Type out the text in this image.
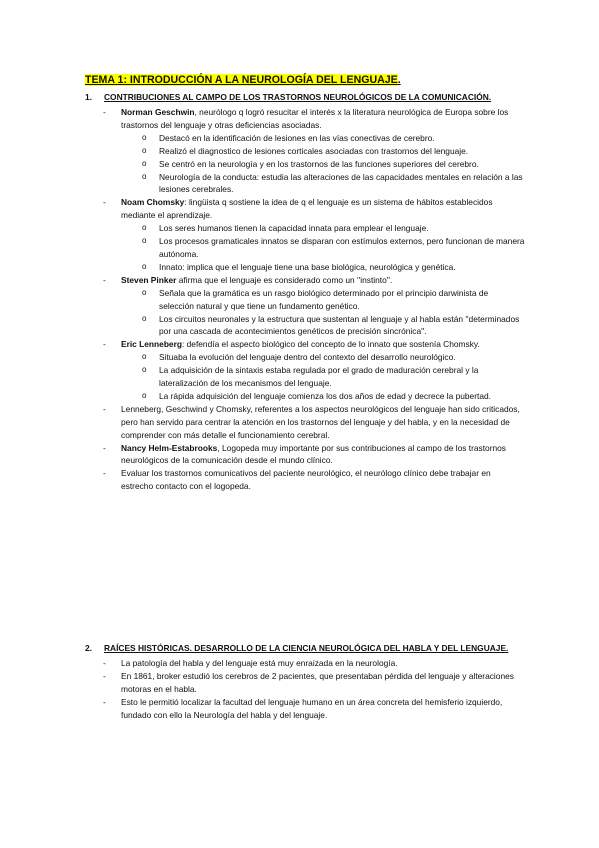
TEMA 1: INTRODUCCIÓN A LA NEUROLOGÍA DEL LENGUAJE.
1.	CONTRIBUCIONES AL CAMPO DE LOS TRASTORNOS NEUROLÓGICOS DE LA COMUNICACIÓN.
-	Norman Geschwin, neurólogo q logró resucitar el interés x la literatura neurológica de Europa sobre los trastornos del lenguaje y otras deficiencias asociadas.
o	Destacó en la identificación de lesiones en las vías conectivas de cerebro.
o	Realizó el diagnostico de lesiones corticales asociadas con trastornos del lenguaje.
o	Se centró en la neurología y en los trastornos de las funciones superiores del cerebro.
o	Neurología de la conducta: estudia las alteraciones de las capacidades mentales en relación a las lesiones cerebrales.
-	Noam Chomsky: lingüista q sostiene la idea de q el lenguaje es un sistema de hábitos establecidos mediante el aprendizaje.
o	Los seres humanos tienen la capacidad innata para emplear el lenguaje.
o	Los procesos gramaticales innatos se disparan con estímulos externos, pero funcionan de manera autónoma.
o	Innato: implica que el lenguaje tiene una base biológica, neurológica y genética.
-	Steven Pinker afirma que el lenguaje es considerado como un ''instinto''.
o	Señala que la gramática es un rasgo biológico determinado por el principio darwinista de selección natural y que tiene un fundamento genético.
o	Los circuitos neuronales y la estructura que sustentan al lenguaje y al habla están ''determinados por una cascada de acontecimientos genéticos de precisión sincrónica''.
-	Eric Lenneberg: defendía el aspecto biológico del concepto de lo innato que sostenía Chomsky.
o	Situaba la evolución del lenguaje dentro del contexto del desarrollo neurológico.
o	La adquisición de la sintaxis estaba regulada por el grado de maduración cerebral y la lateralización de los mecanismos del lenguaje.
o	La rápida adquisición del lenguaje comienza los dos años de edad y decrece la pubertad.
-	Lenneberg, Geschwind y Chomsky, referentes a los aspectos neurológicos del lenguaje han sido criticados, pero han servido para centrar la atención en los trastornos del lenguaje y del habla, y en la necesidad de comprender con más detalle el funcionamiento cerebral.
-	Nancy Helm-Estabrooks, Logopeda muy importante por sus contribuciones al campo de los trastornos neurológicos de la comunicación desde el mundo clínico.
-	Evaluar los trastornos comunicativos del paciente neurológico, el neurólogo clínico debe trabajar en estrecho contacto con el logopeda.
2.	RAÍCES HISTÓRICAS. DESARROLLO DE LA CIENCIA NEUROLÓGICA DEL HABLA Y DEL LENGUAJE.
-	La patología del habla y del lenguaje está muy enraizada en la neurología.
-	En 1861, broker estudió los cerebros de 2 pacientes, que presentaban pérdida del lenguaje y alteraciones motoras en el habla.
-	Esto le permitió localizar la facultad del lenguaje humano en un área concreta del hemisferio izquierdo, fundado con ello la Neurología del habla y del lenguaje.
